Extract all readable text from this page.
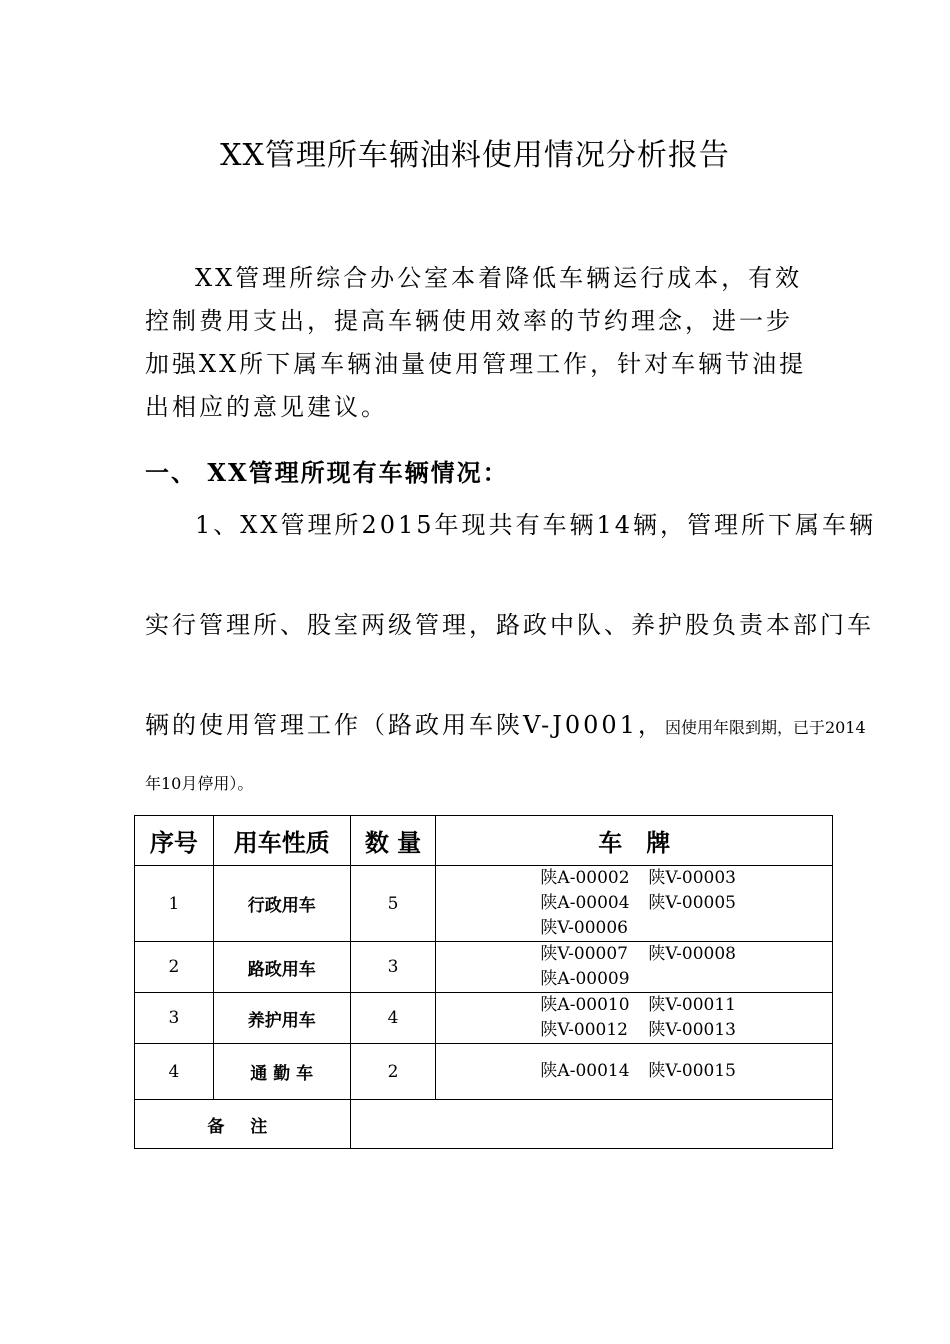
XX管理所车辆油料使用情况分析报告

XX管理所综合办公室本着降低车辆运行成本，有效控制费用支出，提高车辆使用效率的节约理念，进一步加强XX所下属车辆油量使用管理工作，针对车辆节油提出相应的意见建议。

一、 XX管理所现有车辆情况：

1、XX管理所2015年现共有车辆14辆，管理所下属车辆
实行管理所、股室两级管理，路政中队、养护股负责本部门车
辆的使用管理工作（路政用车陕V-J0001，因使用年限到期，已于2014
年10月停用）。
序号	用车性质	数 量	车　牌
1	行政用车	5	陕A-00002 陕V-00003
陕A-00004 陕V-00005
陕V-00006
2	路政用车	3	陕V-00007 陕V-00008
陕A-00009
3	养护用车	4	陕A-00010 陕V-00011
陕V-00012 陕V-00013
4	通 勤 车	2	陕A-00014 陕V-00015
备 注			
